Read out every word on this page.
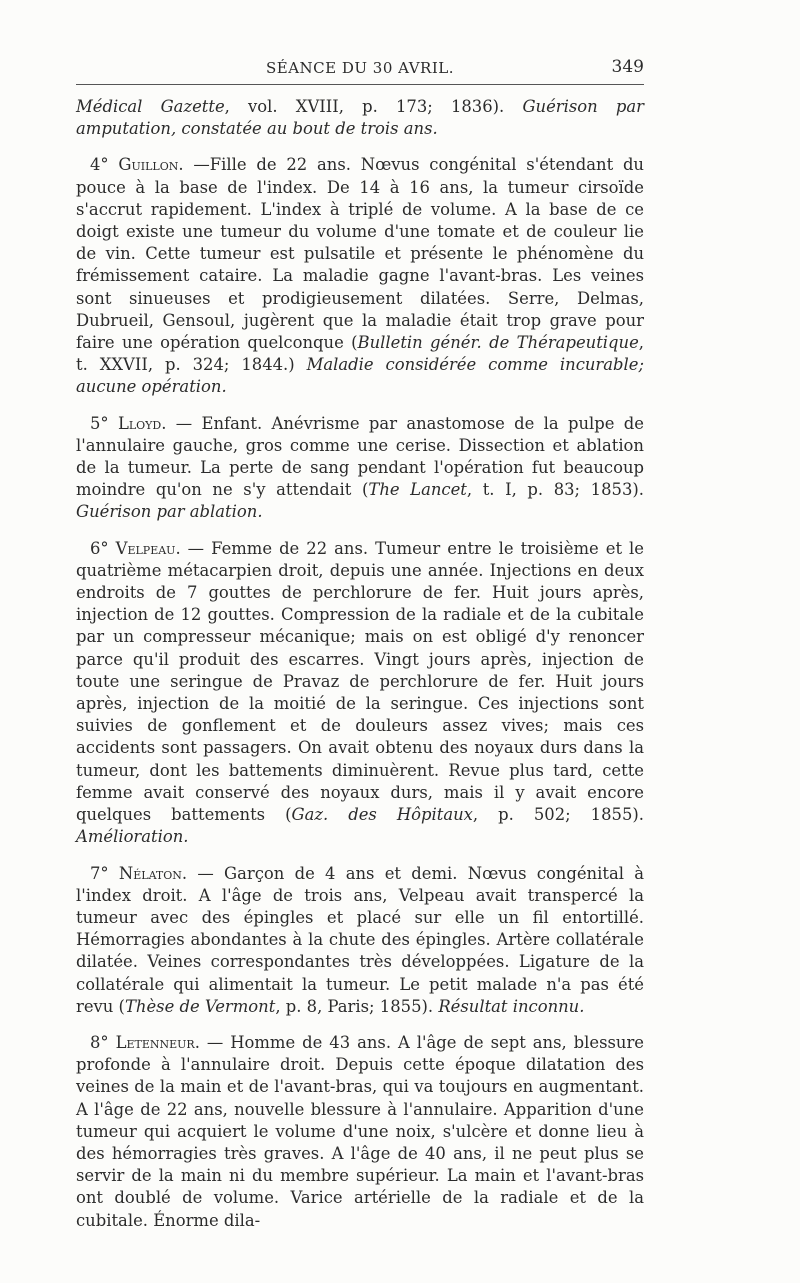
SÉANCE DU 30 AVRIL.	349

Médical Gazette, vol. XVIII, p. 173; 1836). Guérison par amputation, constatée au bout de trois ans.

4° Guillon. —Fille de 22 ans. Nœvus congénital s'étendant du pouce à la base de l'index. De 14 à 16 ans, la tumeur cirsoïde s'accrut rapidement. L'index à triplé de volume. A la base de ce doigt existe une tumeur du volume d'une tomate et de couleur lie de vin. Cette tumeur est pulsatile et présente le phénomène du frémissement cataire. La maladie gagne l'avant-bras. Les veines sont sinueuses et prodigieusement dilatées. Serre, Delmas, Dubrueil, Gensoul, jugèrent que la maladie était trop grave pour faire une opération quelconque (Bulletin génér. de Thérapeutique, t. XXVII, p. 324; 1844.) Maladie considérée comme incurable; aucune opération.

5° Lloyd. — Enfant. Anévrisme par anastomose de la pulpe de l'annulaire gauche, gros comme une cerise. Dissection et ablation de la tumeur. La perte de sang pendant l'opération fut beaucoup moindre qu'on ne s'y attendait (The Lancet, t. I, p. 83; 1853). Guérison par ablation.

6° Velpeau. — Femme de 22 ans. Tumeur entre le troisième et le quatrième métacarpien droit, depuis une année. Injections en deux endroits de 7 gouttes de perchlorure de fer. Huit jours après, injection de 12 gouttes. Compression de la radiale et de la cubitale par un compresseur mécanique; mais on est obligé d'y renoncer parce qu'il produit des escarres. Vingt jours après, injection de toute une seringue de Pravaz de perchlorure de fer. Huit jours après, injection de la moitié de la seringue. Ces injections sont suivies de gonflement et de douleurs assez vives; mais ces accidents sont passagers. On avait obtenu des noyaux durs dans la tumeur, dont les battements diminuèrent. Revue plus tard, cette femme avait conservé des noyaux durs, mais il y avait encore quelques battements (Gaz. des Hôpitaux, p. 502; 1855). Amélioration.

7° Nélaton. — Garçon de 4 ans et demi. Nœvus congénital à l'index droit. A l'âge de trois ans, Velpeau avait transpercé la tumeur avec des épingles et placé sur elle un fil entortillé. Hémorragies abondantes à la chute des épingles. Artère collatérale dilatée. Veines correspondantes très développées. Ligature de la collatérale qui alimentait la tumeur. Le petit malade n'a pas été revu (Thèse de Vermont, p. 8, Paris; 1855). Résultat inconnu.

8° Letenneur. — Homme de 43 ans. A l'âge de sept ans, blessure profonde à l'annulaire droit. Depuis cette époque dilatation des veines de la main et de l'avant-bras, qui va toujours en augmentant. A l'âge de 22 ans, nouvelle blessure à l'annulaire. Apparition d'une tumeur qui acquiert le volume d'une noix, s'ulcère et donne lieu à des hémorragies très graves. A l'âge de 40 ans, il ne peut plus se servir de la main ni du membre supérieur. La main et l'avant-bras ont doublé de volume. Varice artérielle de la radiale et de la cubitale. Énorme dila-
